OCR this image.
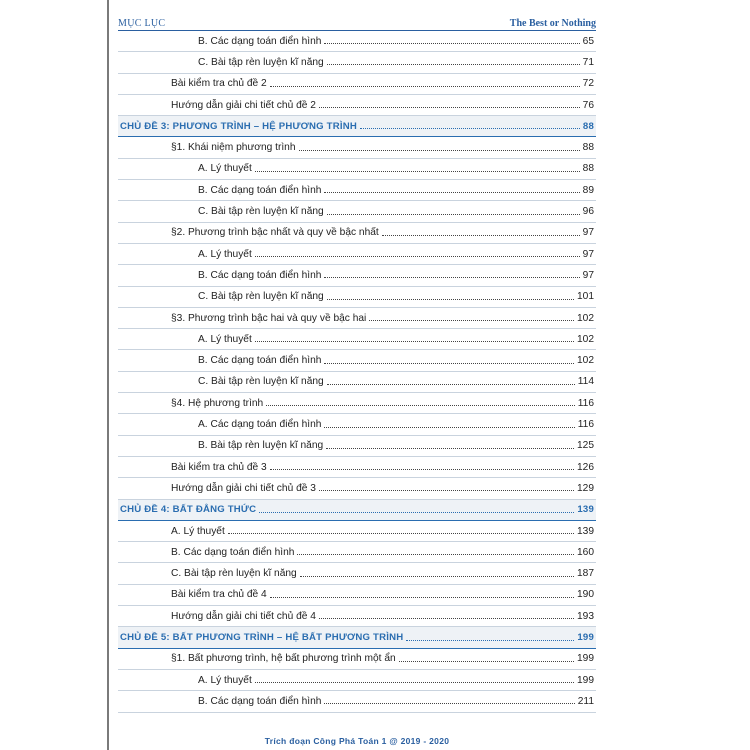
MỤC LỤC	The Best or Nothing
B. Các dạng toán điển hình	65
C. Bài tập rèn luyện kĩ năng	71
Bài kiểm tra chủ đề 2	72
Hướng dẫn giải chi tiết chủ đề 2	76
CHỦ ĐỀ 3: PHƯƠNG TRÌNH – HỆ PHƯƠNG TRÌNH	88
§1. Khái niệm phương trình	88
A. Lý thuyết	88
B. Các dạng toán điển hình	89
C. Bài tập rèn luyện kĩ năng	96
§2. Phương trình bậc nhất và quy về bậc nhất	97
A. Lý thuyết	97
B. Các dạng toán điển hình	97
C. Bài tập rèn luyện kĩ năng	101
§3. Phương trình bậc hai và quy về bậc hai	102
A. Lý thuyết	102
B. Các dạng toán điển hình	102
C. Bài tập rèn luyện kĩ năng	114
§4. Hệ phương trình	116
A. Các dạng toán điển hình	116
B. Bài tập rèn luyện kĩ năng	125
Bài kiểm tra chủ đề 3	126
Hướng dẫn giải chi tiết chủ đề 3	129
CHỦ ĐỀ 4: BẤT ĐẲNG THỨC	139
A. Lý thuyết	139
B. Các dạng toán điển hình	160
C. Bài tập rèn luyện kĩ năng	187
Bài kiểm tra chủ đề 4	190
Hướng dẫn giải chi tiết chủ đề 4	193
CHỦ ĐỀ 5: BẤT PHƯƠNG TRÌNH – HỆ BẤT PHƯƠNG TRÌNH	199
§1. Bất phương trình, hệ bất phương trình một ẩn	199
A. Lý thuyết	199
B. Các dạng toán điển hình	211
Trích đoạn Công Phá Toán 1 @ 2019 - 2020
